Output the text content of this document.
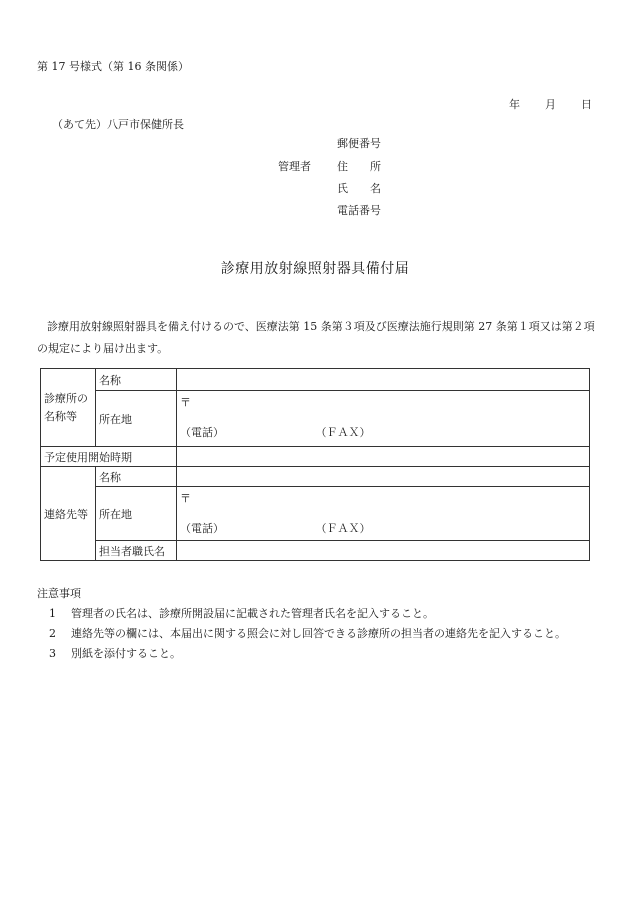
第 17 号様式（第 16 条関係）
年 月 日
（あて先）八戸市保健所長
管理者
郵便番号
住　　所
氏　　名
電話番号
診療用放射線照射器具備付届
診療用放射線照射器具を備え付けるので、医療法第 15 条第３項及び医療法施行規則第 27 条第１項又は第２項の規定により届け出ます。
診療所の名称等	名称	
	所在地	〒
（電話） （ＦＡＸ）

予定使用開始時期		
連絡先等	名称	
	所在地	〒
（電話） （ＦＡＸ）

	担当者職氏名	
注意事項
1 管理者の氏名は、診療所開設届に記載された管理者氏名を記入すること。
2 連絡先等の欄には、本届出に関する照会に対し回答できる診療所の担当者の連絡先を記入すること。
3 別紙を添付すること。
